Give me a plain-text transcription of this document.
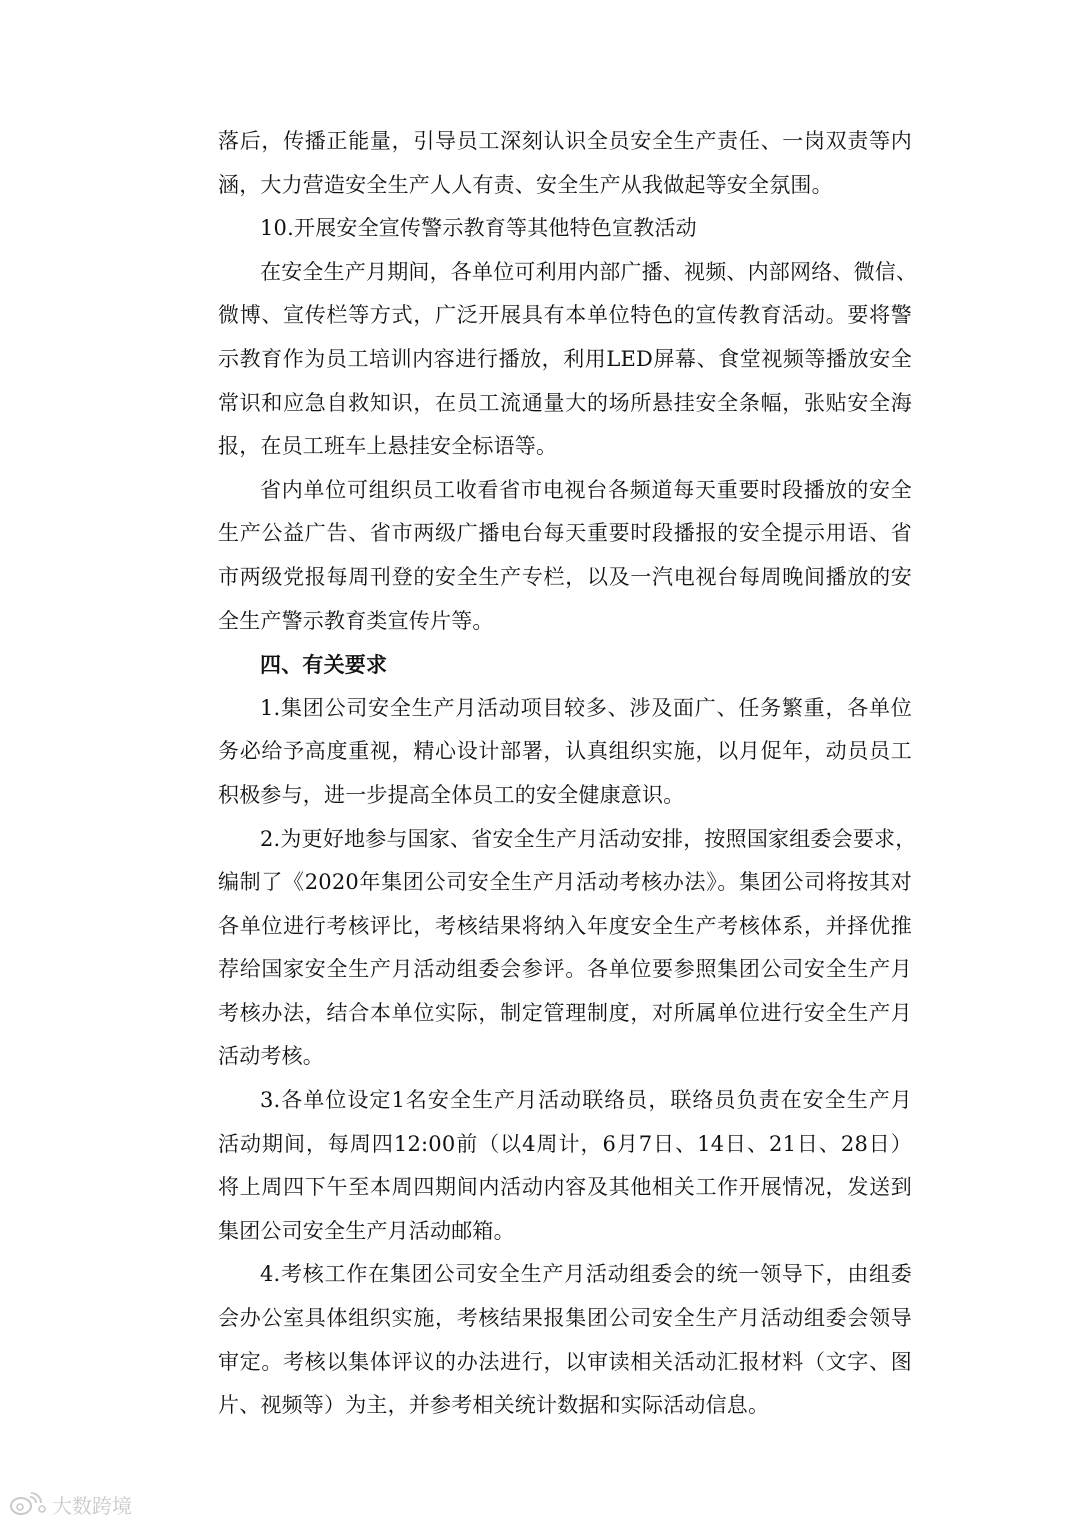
落后，传播正能量，引导员工深刻认识全员安全生产责任、一岗双责等内
涵，大力营造安全生产人人有责、安全生产从我做起等安全氛围。
10.开展安全宣传警示教育等其他特色宣教活动
在安全生产月期间，各单位可利用内部广播、视频、内部网络、微信、
微博、宣传栏等方式，广泛开展具有本单位特色的宣传教育活动。要将警
示教育作为员工培训内容进行播放，利用LED屏幕、食堂视频等播放安全
常识和应急自救知识，在员工流通量大的场所悬挂安全条幅，张贴安全海
报，在员工班车上悬挂安全标语等。
省内单位可组织员工收看省市电视台各频道每天重要时段播放的安全
生产公益广告、省市两级广播电台每天重要时段播报的安全提示用语、省
市两级党报每周刊登的安全生产专栏，以及一汽电视台每周晚间播放的安
全生产警示教育类宣传片等。
四、有关要求
1.集团公司安全生产月活动项目较多、涉及面广、任务繁重，各单位
务必给予高度重视，精心设计部署，认真组织实施，以月促年，动员员工
积极参与，进一步提高全体员工的安全健康意识。
2.为更好地参与国家、省安全生产月活动安排，按照国家组委会要求，
编制了《2020年集团公司安全生产月活动考核办法》。集团公司将按其对
各单位进行考核评比，考核结果将纳入年度安全生产考核体系，并择优推
荐给国家安全生产月活动组委会参评。各单位要参照集团公司安全生产月
考核办法，结合本单位实际，制定管理制度，对所属单位进行安全生产月
活动考核。
3.各单位设定1名安全生产月活动联络员，联络员负责在安全生产月
活动期间，每周四12:00前（以4周计，6月7日、14日、21日、28日）
将上周四下午至本周四期间内活动内容及其他相关工作开展情况，发送到
集团公司安全生产月活动邮箱。
4.考核工作在集团公司安全生产月活动组委会的统一领导下，由组委
会办公室具体组织实施，考核结果报集团公司安全生产月活动组委会领导
审定。考核以集体评议的办法进行，以审读相关活动汇报材料（文字、图
片、视频等）为主，并参考相关统计数据和实际活动信息。
大数跨境
